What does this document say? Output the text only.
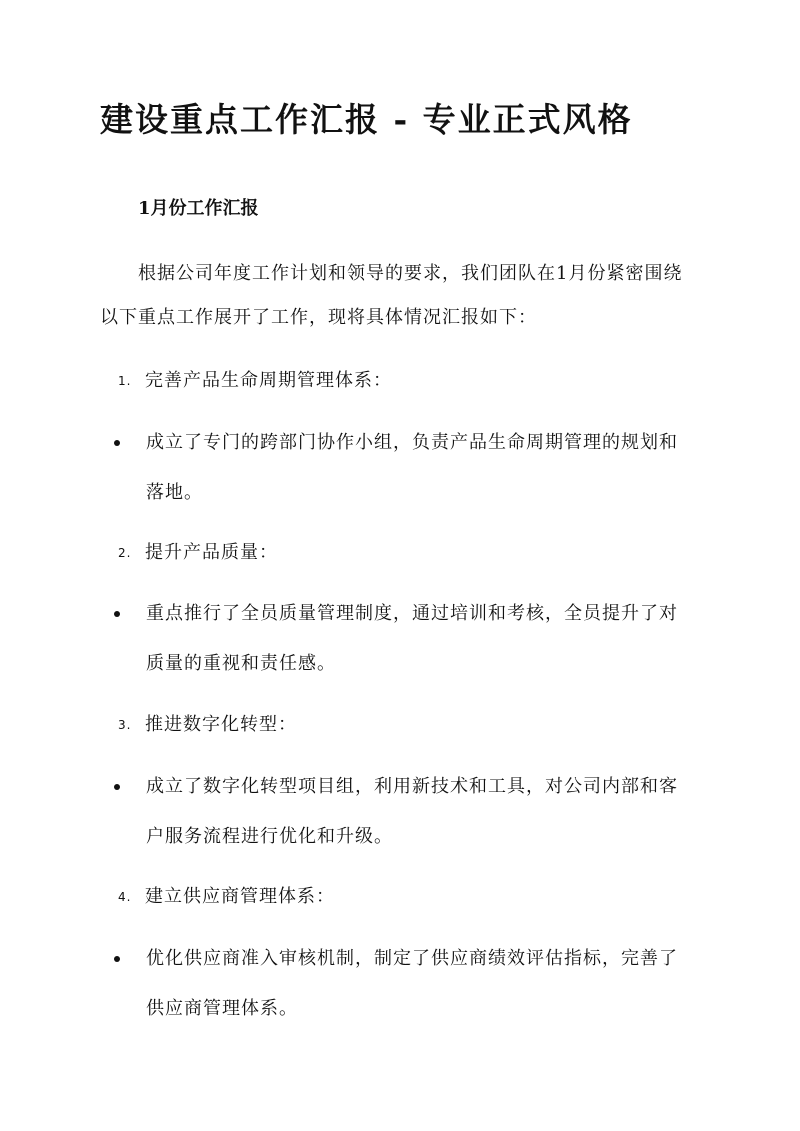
建设重点工作汇报 - 专业正式风格
1月份工作汇报

根据公司年度工作计划和领导的要求，我们团队在1月份紧密围绕以下重点工作展开了工作，现将具体情况汇报如下：

1. 完善产品生命周期管理体系：

成立了专门的跨部门协作小组，负责产品生命周期管理的规划和落地。

2. 提升产品质量：

重点推行了全员质量管理制度，通过培训和考核，全员提升了对质量的重视和责任感。

3. 推进数字化转型：

成立了数字化转型项目组，利用新技术和工具，对公司内部和客户服务流程进行优化和升级。

4. 建立供应商管理体系：

优化供应商准入审核机制，制定了供应商绩效评估指标，完善了供应商管理体系。
